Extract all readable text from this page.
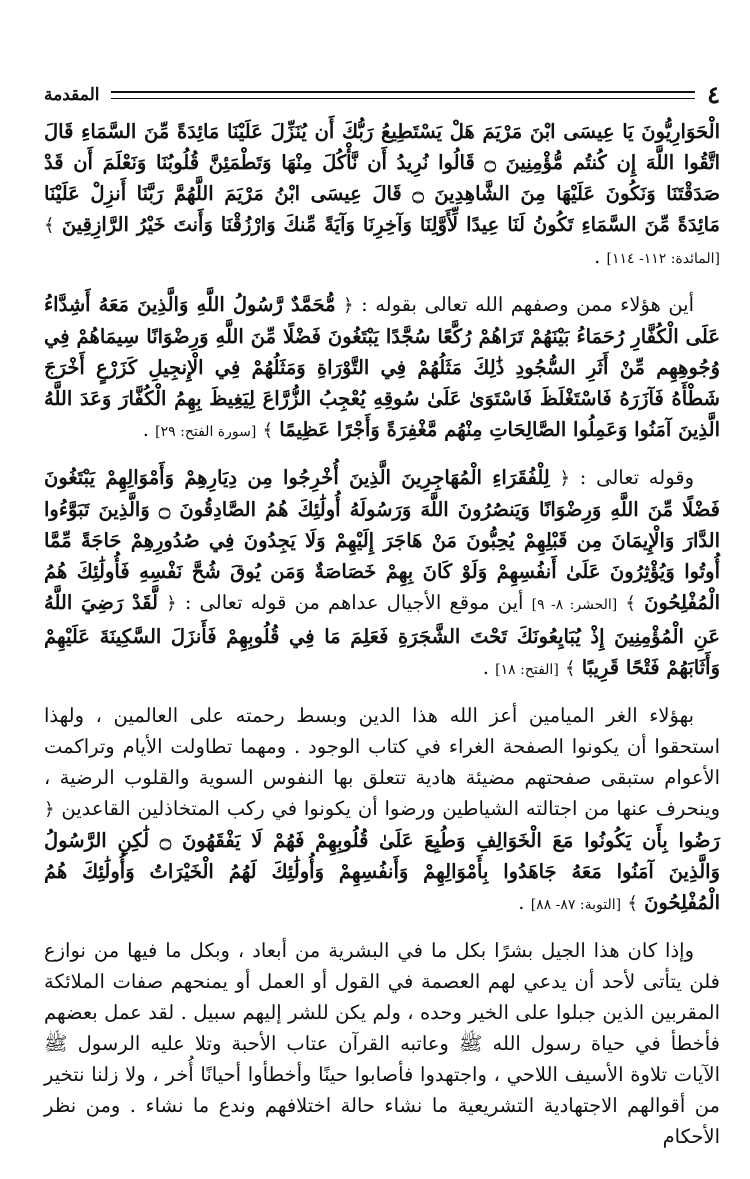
٤
المقدمة

الْحَوَارِيُّونَ يَا عِيسَى ابْنَ مَرْيَمَ هَلْ يَسْتَطِيعُ رَبُّكَ أَن يُنَزِّلَ عَلَيْنَا مَائِدَةً مِّنَ السَّمَاءِ قَالَ اتَّقُوا اللَّهَ إِن كُنتُم مُّؤْمِنِينَ ۝ قَالُوا نُرِيدُ أَن نَّأْكُلَ مِنْهَا وَتَطْمَئِنَّ قُلُوبُنَا وَنَعْلَمَ أَن قَدْ صَدَقْتَنَا وَنَكُونَ عَلَيْهَا مِنَ الشَّاهِدِينَ ۝ قَالَ عِيسَى ابْنُ مَرْيَمَ اللَّهُمَّ رَبَّنَا أَنزِلْ عَلَيْنَا مَائِدَةً مِّنَ السَّمَاءِ تَكُونُ لَنَا عِيدًا لِّأَوَّلِنَا وَآخِرِنَا وَآيَةً مِّنكَ وَارْزُقْنَا وَأَنتَ خَيْرُ الرَّازِقِينَ ﴾ [المائدة: ١١٢- ١١٤] .

أين هؤلاء ممن وصفهم الله تعالى بقوله : ﴿ مُّحَمَّدٌ رَّسُولُ اللَّهِ وَالَّذِينَ مَعَهُ أَشِدَّاءُ عَلَى الْكُفَّارِ رُحَمَاءُ بَيْنَهُمْ تَرَاهُمْ رُكَّعًا سُجَّدًا يَبْتَغُونَ فَضْلًا مِّنَ اللَّهِ وَرِضْوَانًا سِيمَاهُمْ فِي وُجُوهِهِم مِّنْ أَثَرِ السُّجُودِ ذَٰلِكَ مَثَلُهُمْ فِي التَّوْرَاةِ وَمَثَلُهُمْ فِي الْإِنجِيلِ كَزَرْعٍ أَخْرَجَ شَطْأَهُ فَآزَرَهُ فَاسْتَغْلَظَ فَاسْتَوَىٰ عَلَىٰ سُوقِهِ يُعْجِبُ الزُّرَّاعَ لِيَغِيظَ بِهِمُ الْكُفَّارَ وَعَدَ اللَّهُ الَّذِينَ آمَنُوا وَعَمِلُوا الصَّالِحَاتِ مِنْهُم مَّغْفِرَةً وَأَجْرًا عَظِيمًا ﴾ [سورة الفتح: ٢٩] .

وقوله تعالى : ﴿ لِلْفُقَرَاءِ الْمُهَاجِرِينَ الَّذِينَ أُخْرِجُوا مِن دِيَارِهِمْ وَأَمْوَالِهِمْ يَبْتَغُونَ فَضْلًا مِّنَ اللَّهِ وَرِضْوَانًا وَيَنصُرُونَ اللَّهَ وَرَسُولَهُ أُولَٰئِكَ هُمُ الصَّادِقُونَ ۝ وَالَّذِينَ تَبَوَّءُوا الدَّارَ وَالْإِيمَانَ مِن قَبْلِهِمْ يُحِبُّونَ مَنْ هَاجَرَ إِلَيْهِمْ وَلَا يَجِدُونَ فِي صُدُورِهِمْ حَاجَةً مِّمَّا أُوتُوا وَيُؤْثِرُونَ عَلَىٰ أَنفُسِهِمْ وَلَوْ كَانَ بِهِمْ خَصَاصَةٌ وَمَن يُوقَ شُحَّ نَفْسِهِ فَأُولَٰئِكَ هُمُ الْمُفْلِحُونَ ﴾ [الحشر: ٨- ٩] أين موقع الأجيال عداهم من قوله تعالى : ﴿ لَّقَدْ رَضِيَ اللَّهُ عَنِ الْمُؤْمِنِينَ إِذْ يُبَايِعُونَكَ تَحْتَ الشَّجَرَةِ فَعَلِمَ مَا فِي قُلُوبِهِمْ فَأَنزَلَ السَّكِينَةَ عَلَيْهِمْ وَأَثَابَهُمْ فَتْحًا قَرِيبًا ﴾ [الفتح: ١٨] .

بهؤلاء الغر الميامين أعز الله هذا الدين وبسط رحمته على العالمين ، ولهذا استحقوا أن يكونوا الصفحة الغراء في كتاب الوجود . ومهما تطاولت الأيام وتراكمت الأعوام ستبقى صفحتهم مضيئة هادية تتعلق بها النفوس السوية والقلوب الرضية ، وينحرف عنها من اجتالته الشياطين ورضوا أن يكونوا في ركب المتخاذلين القاعدين ﴿ رَضُوا بِأَن يَكُونُوا مَعَ الْخَوَالِفِ وَطُبِعَ عَلَىٰ قُلُوبِهِمْ فَهُمْ لَا يَفْقَهُونَ ۝ لَٰكِنِ الرَّسُولُ وَالَّذِينَ آمَنُوا مَعَهُ جَاهَدُوا بِأَمْوَالِهِمْ وَأَنفُسِهِمْ وَأُولَٰئِكَ لَهُمُ الْخَيْرَاتُ وَأُولَٰئِكَ هُمُ الْمُفْلِحُونَ ﴾ [التوبة: ٨٧- ٨٨] .

وإذا كان هذا الجيل بشرًا بكل ما في البشرية من أبعاد ، وبكل ما فيها من نوازع فلن يتأتى لأحد أن يدعي لهم العصمة في القول أو العمل أو يمنحهم صفات الملائكة المقربين الذين جبلوا على الخير وحده ، ولم يكن للشر إليهم سبيل . لقد عمل بعضهم فأخطأ في حياة رسول الله ﷺ وعاتبه القرآن عتاب الأحبة وتلا عليه الرسول ﷺ الآيات تلاوة الأسيف اللاحي ، واجتهدوا فأصابوا حينًا وأخطأوا أحيانًا أُخر ، ولا زلنا نتخير من أقوالهم الاجتهادية التشريعية ما نشاء حالة اختلافهم وندع ما نشاء . ومن نظر الأحكام
